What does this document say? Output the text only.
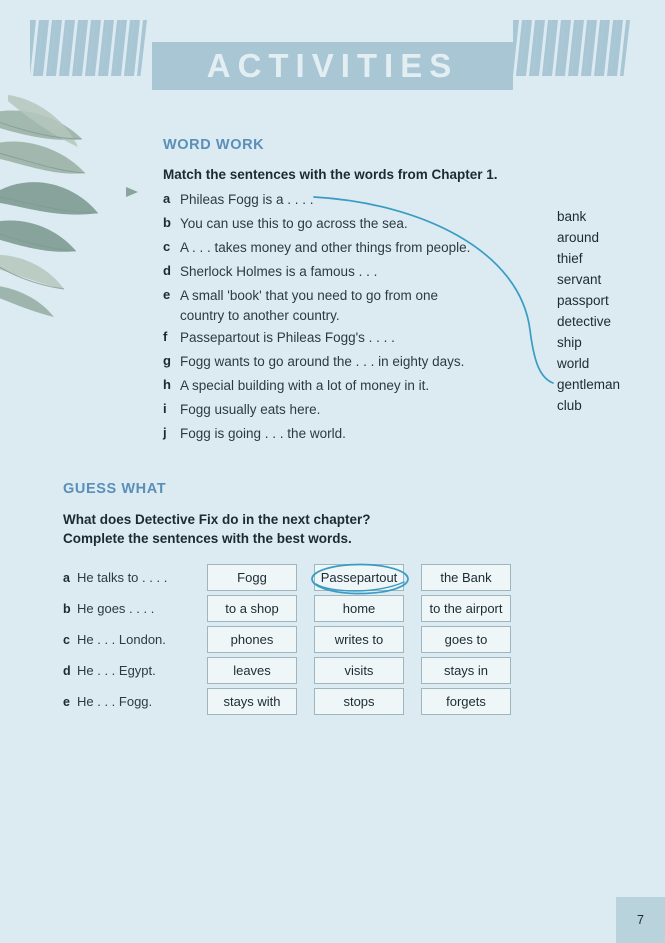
ACTIVITIES
WORD WORK
Match the sentences with the words from Chapter 1.
a Phileas Fogg is a . . . .
b You can use this to go across the sea.
c A . . . takes money and other things from people.
d Sherlock Holmes is a famous . . .
e A small 'book' that you need to go from one country to another country.
f Passepartout is Phileas Fogg's . . . .
g Fogg wants to go around the . . . in eighty days.
h A special building with a lot of money in it.
i Fogg usually eats here.
j Fogg is going . . . the world.
bank
around
thief
servant
passport
detective
ship
world
gentleman
club
GUESS WHAT
What does Detective Fix do in the next chapter?
Complete the sentences with the best words.
a He talks to . . . .	Fogg	Passepartout	the Bank
b He goes . . . .	to a shop	home	to the airport
c He . . . London.	phones	writes to	goes to
d He . . . Egypt.	leaves	visits	stays in
e He . . . Fogg.	stays with	stops	forgets
7
